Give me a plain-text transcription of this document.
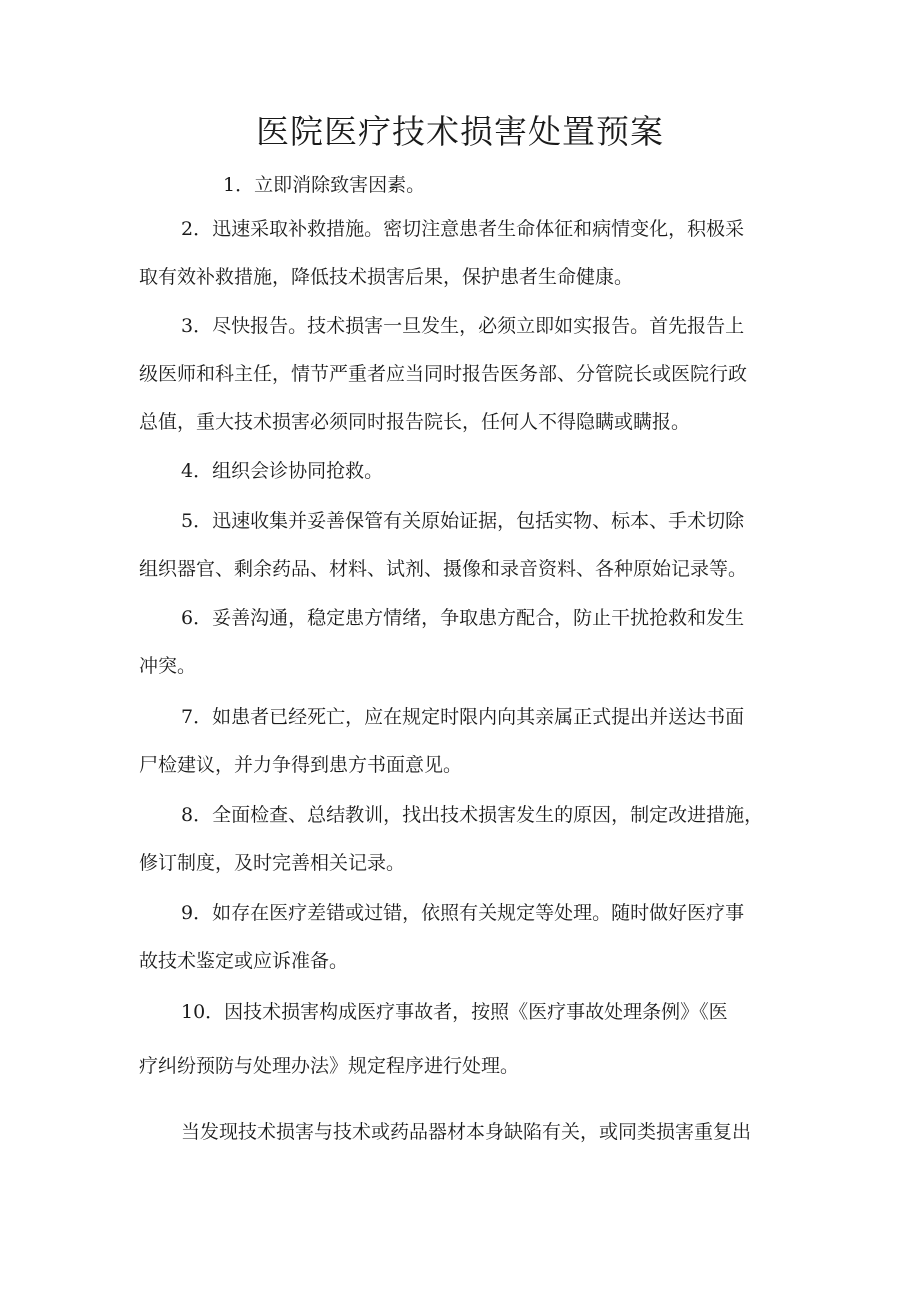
医院医疗技术损害处置预案
1．立即消除致害因素。
2．迅速采取补救措施。密切注意患者生命体征和病情变化，积极采
取有效补救措施，降低技术损害后果，保护患者生命健康。
3．尽快报告。技术损害一旦发生，必须立即如实报告。首先报告上
级医师和科主任，情节严重者应当同时报告医务部、分管院长或医院行政
总值，重大技术损害必须同时报告院长，任何人不得隐瞒或瞒报。
4．组织会诊协同抢救。
5．迅速收集并妥善保管有关原始证据，包括实物、标本、手术切除
组织器官、剩余药品、材料、试剂、摄像和录音资料、各种原始记录等。
6．妥善沟通，稳定患方情绪，争取患方配合，防止干扰抢救和发生
冲突。
7．如患者已经死亡，应在规定时限内向其亲属正式提出并送达书面
尸检建议，并力争得到患方书面意见。
8．全面检查、总结教训，找出技术损害发生的原因，制定改进措施，
修订制度，及时完善相关记录。
9．如存在医疗差错或过错，依照有关规定等处理。随时做好医疗事
故技术鉴定或应诉准备。
10．因技术损害构成医疗事故者，按照《医疗事故处理条例》《医
疗纠纷预防与处理办法》规定程序进行处理。
当发现技术损害与技术或药品器材本身缺陷有关，或同类损害重复出
